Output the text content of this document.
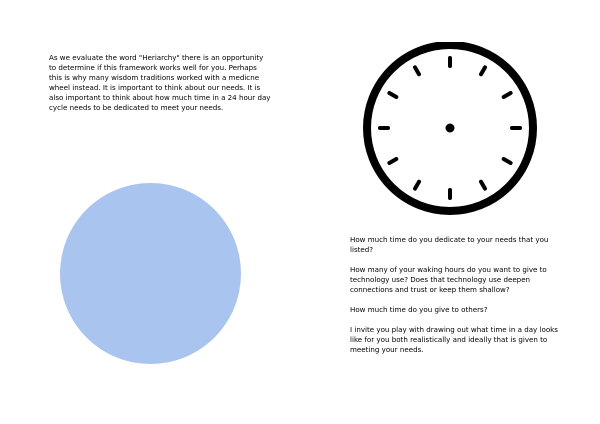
As we evaluate the word "Heriarchy" there is an opportunity to determine if this framework works well for you. Perhaps this is why many wisdom traditions worked with a medicne wheel instead. It is important to think about our needs. It is also important to think about how much time in a 24 hour day cycle needs to be dedicated to meet your needs.

How much time do you dedicate to your needs that you listed?

How many of your waking hours do you want to give to technology use? Does that technology use deepen connections and trust or keep them shallow?

How much time do you give to others?

I invite you play with drawing out what time in a day looks like for you both realistically and ideally that is given to meeting your needs.
